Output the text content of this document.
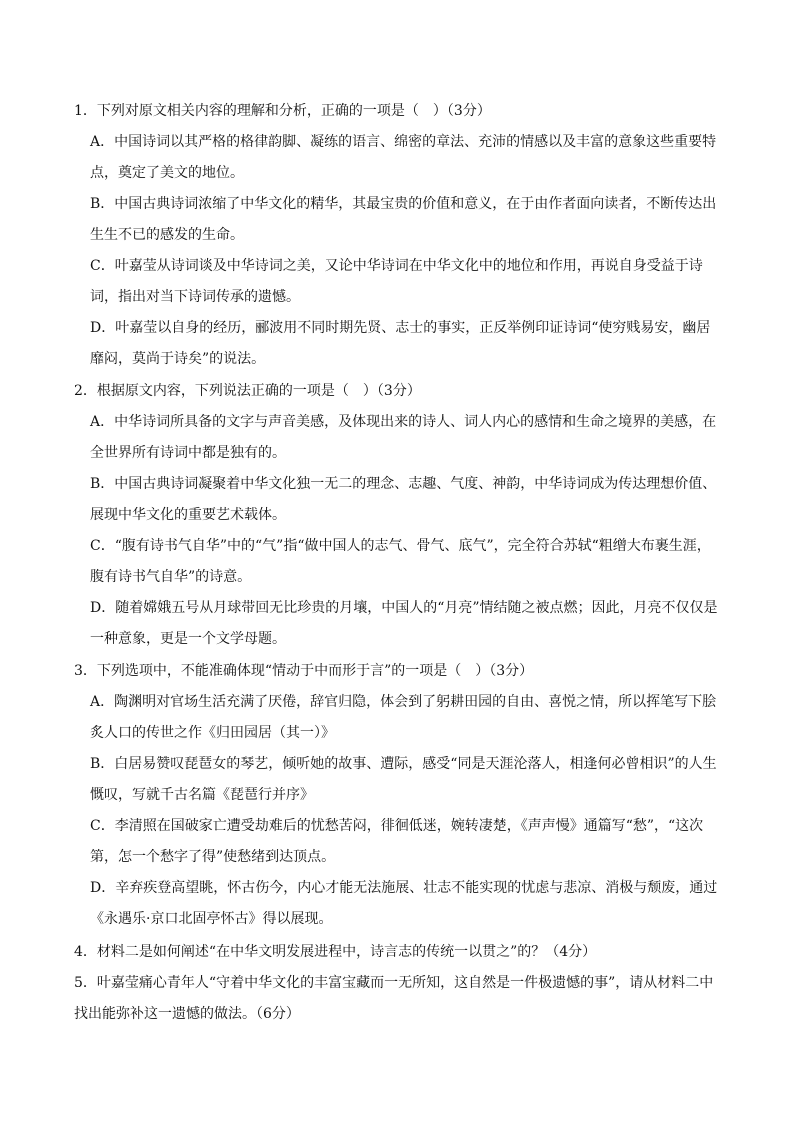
1．下列对原文相关内容的理解和分析，正确的一项是（　）（3分）

A．中国诗词以其严格的格律韵脚、凝练的语言、绵密的章法、充沛的情感以及丰富的意象这些重要特点，奠定了美文的地位。

B．中国古典诗词浓缩了中华文化的精华，其最宝贵的价值和意义，在于由作者面向读者，不断传达出生生不已的感发的生命。

C．叶嘉莹从诗词谈及中华诗词之美，又论中华诗词在中华文化中的地位和作用，再说自身受益于诗词，指出对当下诗词传承的遗憾。

D．叶嘉莹以自身的经历，郦波用不同时期先贤、志士的事实，正反举例印证诗词“使穷贱易安，幽居靡闷，莫尚于诗矣”的说法。

2．根据原文内容，下列说法正确的一项是（　）（3分）

A．中华诗词所具备的文字与声音美感，及体现出来的诗人、词人内心的感情和生命之境界的美感，在全世界所有诗词中都是独有的。

B．中国古典诗词凝聚着中华文化独一无二的理念、志趣、气度、神韵，中华诗词成为传达理想价值、展现中华文化的重要艺术载体。

C．“腹有诗书气自华”中的“气”指“做中国人的志气、骨气、底气”，完全符合苏轼“粗缯大布裹生涯，腹有诗书气自华”的诗意。

D．随着嫦娥五号从月球带回无比珍贵的月壤，中国人的“月亮”情结随之被点燃；因此，月亮不仅仅是一种意象，更是一个文学母题。

3．下列选项中，不能准确体现“情动于中而形于言”的一项是（　）（3分）

A．陶渊明对官场生活充满了厌倦，辞官归隐，体会到了躬耕田园的自由、喜悦之情，所以挥笔写下脍炙人口的传世之作《归田园居（其一）》

B．白居易赞叹琵琶女的琴艺，倾听她的故事、遭际，感受“同是天涯沦落人，相逢何必曾相识”的人生慨叹，写就千古名篇《琵琶行并序》

C．李清照在国破家亡遭受劫难后的忧愁苦闷，徘徊低迷，婉转凄楚，《声声慢》通篇写“愁”，“这次第，怎一个愁字了得”使愁绪到达顶点。

D．辛弃疾登高望眺，怀古伤今，内心才能无法施展、壮志不能实现的忧虑与悲凉、消极与颓废，通过《永遇乐·京口北固亭怀古》得以展现。

4．材料二是如何阐述“在中华文明发展进程中，诗言志的传统一以贯之”的？（4分）

5．叶嘉莹痛心青年人“守着中华文化的丰富宝藏而一无所知，这自然是一件极遗憾的事”，请从材料二中找出能弥补这一遗憾的做法。（6分）
